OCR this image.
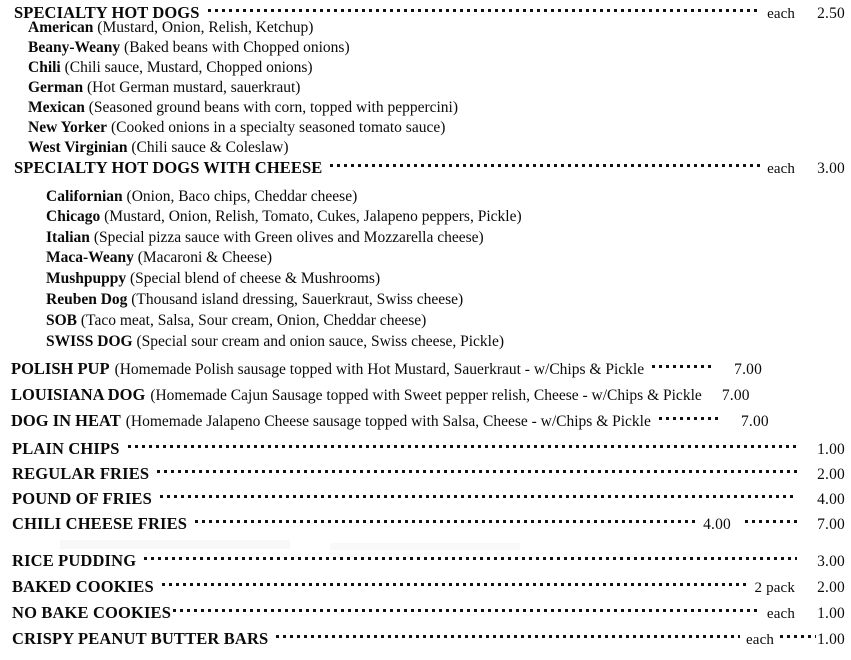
SPECIALTY HOT DOGS	each	2.50
American (Mustard, Onion, Relish, Ketchup)
Beany-Weany (Baked beans with Chopped onions)
Chili (Chili sauce, Mustard, Chopped onions)
German (Hot German mustard, sauerkraut)
Mexican (Seasoned ground beans with corn, topped with peppercini)
New Yorker (Cooked onions in a specialty seasoned tomato sauce)
West Virginian (Chili sauce & Coleslaw)
SPECIALTY HOT DOGS WITH CHEESE	each	3.00
Californian (Onion, Baco chips, Cheddar cheese)
Chicago (Mustard, Onion, Relish, Tomato, Cukes, Jalapeno peppers, Pickle)
Italian (Special pizza sauce with Green olives and Mozzarella cheese)
Maca-Weany (Macaroni & Cheese)
Mushpuppy (Special blend of cheese & Mushrooms)
Reuben Dog (Thousand island dressing, Sauerkraut, Swiss cheese)
SOB (Taco meat, Salsa, Sour cream, Onion, Cheddar cheese)
SWISS DOG (Special sour cream and onion sauce, Swiss cheese, Pickle)
POLISH PUP (Homemade Polish sausage topped with Hot Mustard, Sauerkraut - w/Chips & Pickle	7.00
LOUISIANA DOG (Homemade Cajun Sausage topped with Sweet pepper relish, Cheese - w/Chips & Pickle	7.00
DOG IN HEAT (Homemade Jalapeno Cheese sausage topped with Salsa, Cheese - w/Chips & Pickle	7.00
PLAIN CHIPS	1.00
REGULAR FRIES	2.00
POUND OF FRIES	4.00
CHILI CHEESE FRIES	4.00	7.00
RICE PUDDING	3.00
BAKED COOKIES	2 pack	2.00
NO BAKE COOKIES	each	1.00
CRISPY PEANUT BUTTER BARS	each	1.00
